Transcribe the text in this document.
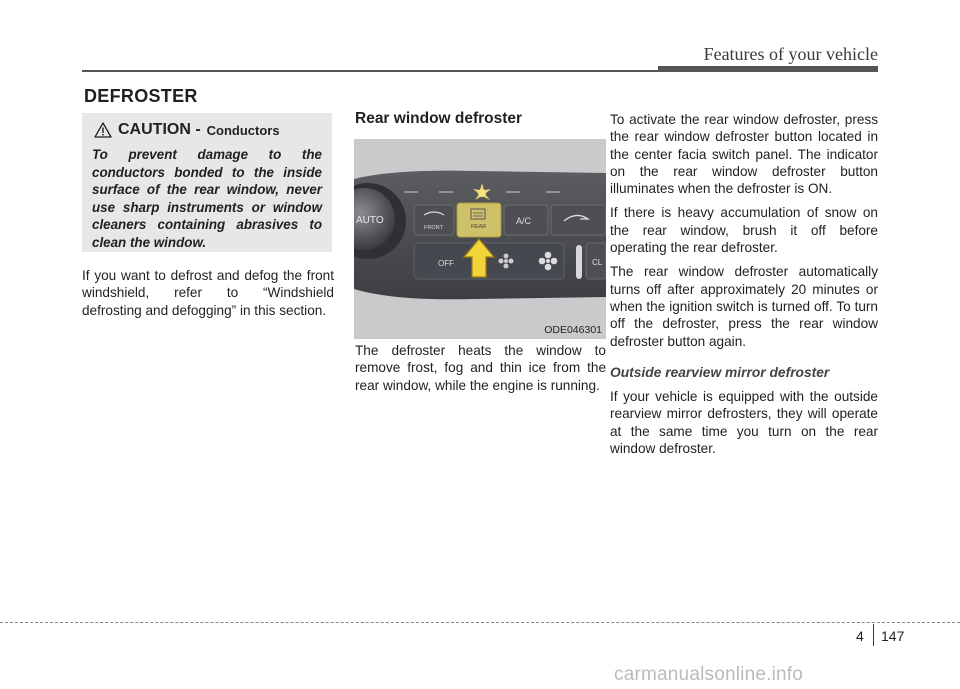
Features of your vehicle
DEFROSTER
CAUTION - Conductors
To prevent damage to the conductors bonded to the inside surface of the rear window, never use sharp instruments or window cleaners containing abrasives to clean the window.
If you want to defrost and defog the front windshield, refer to “Windshield defrosting and defogging” in this section.
Rear window defroster
AUTO
FRONT	REAR
A/C
OFF	CL
ODE046301
The defroster heats the window to remove frost, fog and thin ice from the rear window, while the engine is running.

To activate the rear window defroster, press the rear window defroster button located in the center facia switch panel. The indicator on the rear window defroster button illuminates when the defroster is ON.

If there is heavy accumulation of snow on the rear window, brush it off before operating the rear defroster.

The rear window defroster automatically turns off after approximately 20 minutes or when the ignition switch is turned off. To turn off the defroster, press the rear window defroster button again.

Outside rearview mirror defroster

If your vehicle is equipped with the outside rearview mirror defrosters, they will operate at the same time you turn on the rear window defroster.

4 147
carmanualsonline.info
